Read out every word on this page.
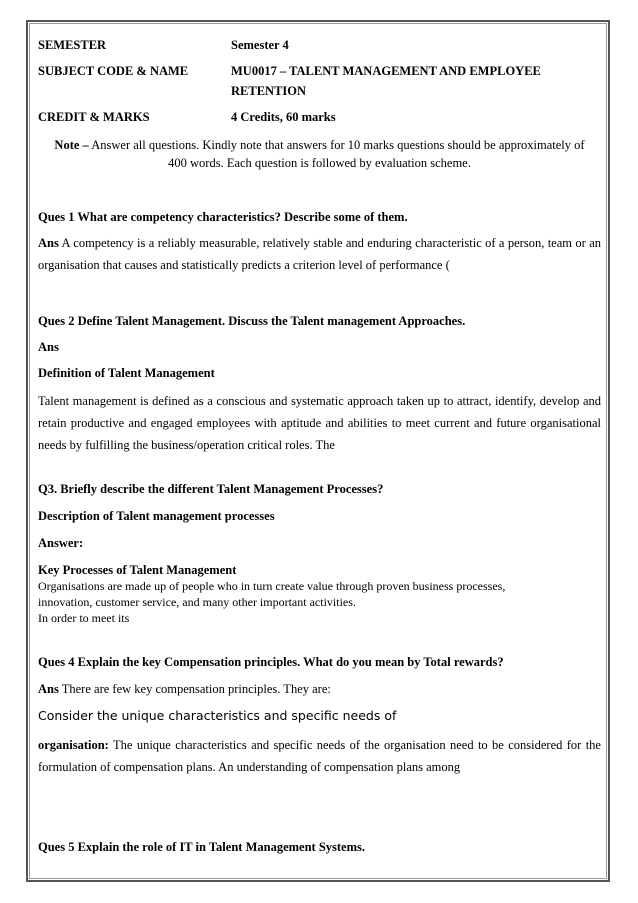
SEMESTER	Semester 4
SUBJECT CODE & NAME	MU0017 – TALENT MANAGEMENT AND EMPLOYEE
RETENTION
CREDIT & MARKS	4 Credits, 60 marks
Note – Answer all questions. Kindly note that answers for 10 marks questions should be approximately of
400 words. Each question is followed by evaluation scheme.
Ques 1 What are competency characteristics? Describe some of them.
Ans A competency is a reliably measurable, relatively stable and enduring characteristic of a person, team or an organisation that causes and statistically predicts a criterion level of performance (
Ques 2 Define Talent Management. Discuss the Talent management Approaches.
Ans
Definition of Talent Management
Talent management is defined as a conscious and systematic approach taken up to attract, identify, develop and retain productive and engaged employees with aptitude and abilities to meet current and future organisational needs by fulfilling the business/operation critical roles. The
Q3. Briefly describe the different Talent Management Processes?
Description of Talent management processes
Answer:
Key Processes of Talent Management
Organisations are made up of people who in turn create value through proven business processes,
innovation, customer service, and many other important activities.
In order to meet its
Ques 4 Explain the key Compensation principles. What do you mean by Total rewards?
Ans There are few key compensation principles. They are:
Consider the unique characteristics and specific needs of
organisation: The unique characteristics and specific needs of the organisation need to be considered for the formulation of compensation plans. An understanding of compensation plans among
Ques 5 Explain the role of IT in Talent Management Systems.
